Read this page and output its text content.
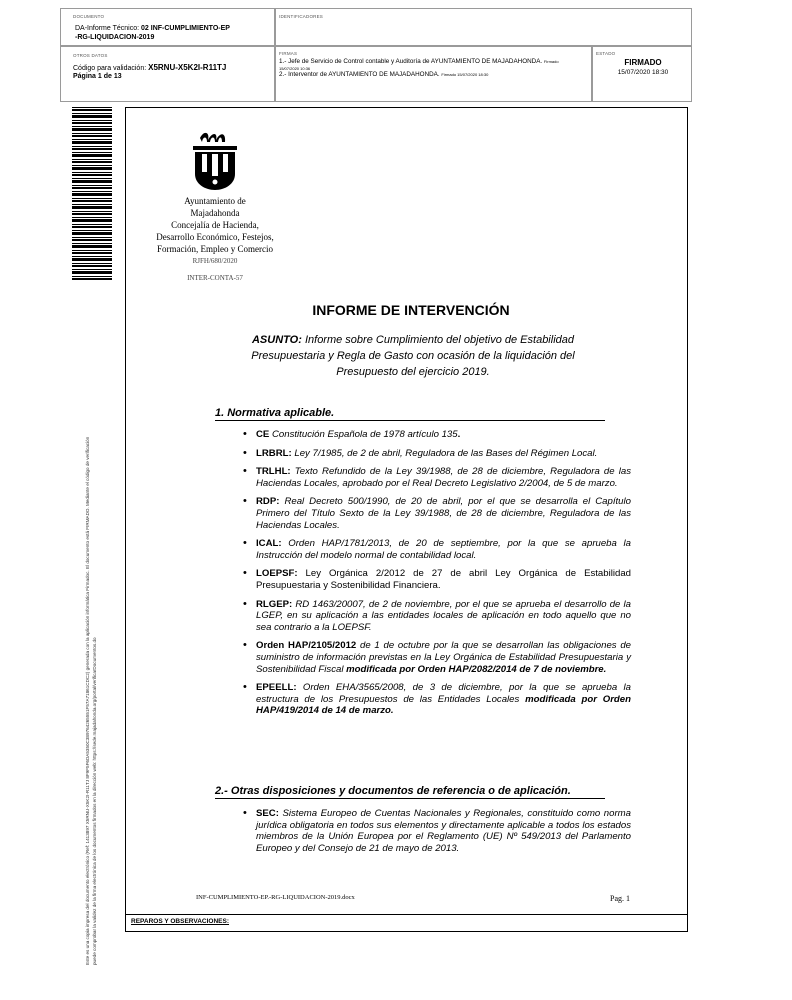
DOCUMENTO
DA-Informe Técnico: 02 INF-CUMPLIMIENTO-EP
-RG-LIQUIDACION-2019
IDENTIFICADORES
OTROS DATOS
Código para validación: X5RNU-X5K2I-R11TJ
Página 1 de 13
FIRMAS
1.- Jefe de Servicio de Control contable y Auditoría de AYUNTAMIENTO DE MAJADAHONDA. Firmado
15/07/2020 10:36
2.- Interventor de AYUNTAMIENTO DE MAJADAHONDA. Firmado 15/07/2020 18:30
ESTADO
FIRMADO
15/07/2020 18:30
Este es una copia impresa del documento electrónico (Ref: 1413897 X5RNU-X5K2I-R11TJ 8F9F5F6DA5350C389764265551F57A71861CDC2) generada con la aplicación informática Firmadoc. El documento está FIRMADO. Mediante el código de verificación puede comprobar la validez de la firma electrónica de los documentos firmados en la dirección web: https://sede.majadahonda.org/portal/verificarDocumentos.do
Ayuntamiento de
Majadahonda
Concejalía de Hacienda,
Desarrollo Económico, Festejos,
Formación, Empleo y Comercio
RJFH/680/2020
INTER-CONTA-57
INFORME DE INTERVENCIÓN
ASUNTO: Informe sobre Cumplimiento del objetivo de Estabilidad Presupuestaria y Regla de Gasto con ocasión de la liquidación del Presupuesto del ejercicio 2019.
1. Normativa aplicable.
• CE Constitución Española de 1978 artículo 135.
• LRBRL: Ley 7/1985, de 2 de abril, Reguladora de las Bases del Régimen Local.
• TRLHL: Texto Refundido de la Ley 39/1988, de 28 de diciembre, Reguladora de las Haciendas Locales, aprobado por el Real Decreto Legislativo 2/2004, de 5 de marzo.
• RDP: Real Decreto 500/1990, de 20 de abril, por el que se desarrolla el Capítulo Primero del Título Sexto de la Ley 39/1988, de 28 de diciembre, Reguladora de las Haciendas Locales.
• ICAL: Orden HAP/1781/2013, de 20 de septiembre, por la que se aprueba la Instrucción del modelo normal de contabilidad local.
• LOEPSF: Ley Orgánica 2/2012 de 27 de abril Ley Orgánica de Estabilidad Presupuestaria y Sostenibilidad Financiera.
• RLGEP: RD 1463/20007, de 2 de noviembre, por el que se aprueba el desarrollo de la LGEP, en su aplicación a las entidades locales de aplicación en todo aquello que no sea contrario a la LOEPSF.
• Orden HAP/2105/2012 de 1 de octubre por la que se desarrollan las obligaciones de suministro de información previstas en la Ley Orgánica de Estabilidad Presupuestaria y Sostenibilidad Fiscal modificada por Orden HAP/2082/2014 de 7 de noviembre.
• EPEELL: Orden EHA/3565/2008, de 3 de diciembre, por la que se aprueba la estructura de los Presupuestos de las Entidades Locales modificada por Orden HAP/419/2014 de 14 de marzo.
2.- Otras disposiciones y documentos de referencia o de aplicación.
• SEC: Sistema Europeo de Cuentas Nacionales y Regionales, constituido como norma jurídica obligatoria en todos sus elementos y directamente aplicable a todos los estados miembros de la Unión Europea por el Reglamento (UE) Nº 549/2013 del Parlamento Europeo y del Consejo de 21 de mayo de 2013.
INF-CUMPLIMIENTO-EP.-RG-LIQUIDACION-2019.docx	Pag. 1
REPAROS Y OBSERVACIONES:
